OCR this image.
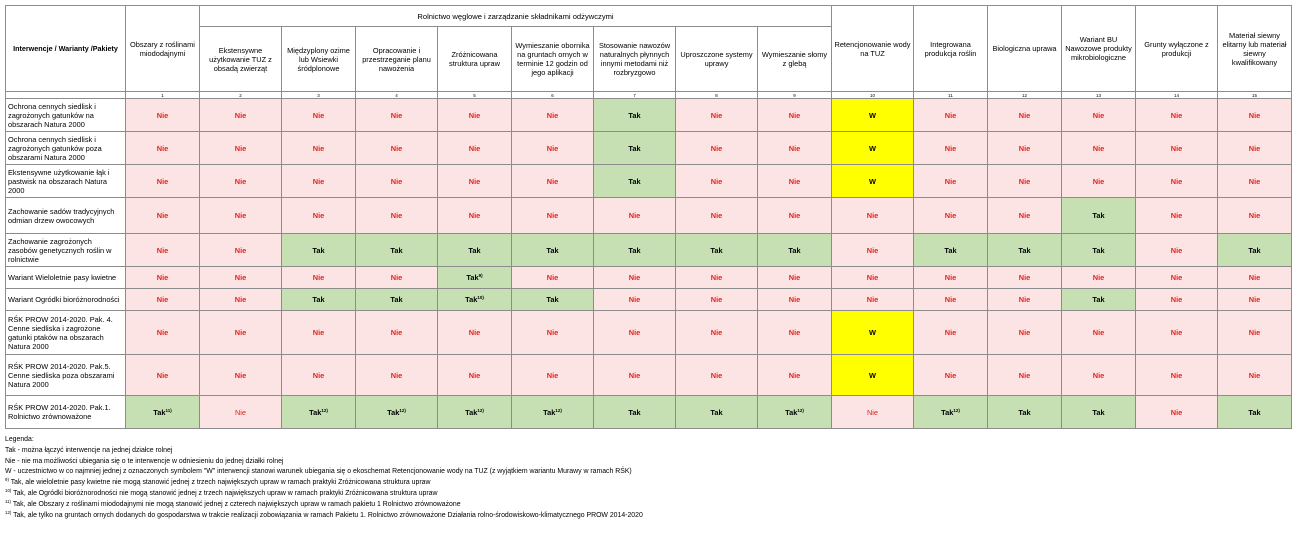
Interwencje / Warianty /Pakiety	Obszary z roślinami miododajnymi	Rolnictwo węglowe i zarządzanie składnikami odżywczymi								Retencjonowanie wody na TUZ	Integrowana produkcja roślin	Biologiczna uprawa	Wariant BU Nawozowe produkty mikrobiologiczne	Grunty wyłączone z produkcji	Materiał siewny elitarny lub materiał siewny kwalifikowany
		Ekstensywne użytkowanie TUZ z obsadą zwierząt	Międzyplony ozime lub Wsiewki śródplonowe	Opracowanie i przestrzeganie planu nawożenia	Zróżnicowana struktura upraw	Wymieszanie obornika na gruntach ornych w terminie 12 godzin od jego aplikacji	Stosowanie nawozów naturalnych płynnych innymi metodami niż rozbryzgowo	Uproszczone systemy uprawy	Wymieszanie słomy z glebą						
	1	2	3	4	5	6	7	8	9	10	11	12	13	14	15
Ochrona cennych siedlisk i zagrożonych gatunków na obszarach Natura 2000	Nie	Nie	Nie	Nie	Nie	Nie	Tak	Nie	Nie	W	Nie	Nie	Nie	Nie	Nie
Ochrona cennych siedlisk i zagrożonych gatunków poza obszarami Natura 2000	Nie	Nie	Nie	Nie	Nie	Nie	Tak	Nie	Nie	W	Nie	Nie	Nie	Nie	Nie
Ekstensywne użytkowanie łąk i pastwisk na obszarach Natura 2000	Nie	Nie	Nie	Nie	Nie	Nie	Tak	Nie	Nie	W	Nie	Nie	Nie	Nie	Nie
Zachowanie sadów tradycyjnych odmian drzew owocowych	Nie	Nie	Nie	Nie	Nie	Nie	Nie	Nie	Nie	Nie	Nie	Nie	Tak	Nie	Nie
Zachowanie zagrożonych zasobów genetycznych roślin w rolnictwie	Nie	Nie	Tak	Tak	Tak	Tak	Tak	Tak	Tak	Nie	Tak	Tak	Tak	Nie	Tak
Wariant Wieloletnie pasy kwietne	Nie	Nie	Nie	Nie	Tak$^{9)}$	Nie	Nie	Nie	Nie	Nie	Nie	Nie	Nie	Nie	Nie
Wariant Ogródki bioróżnorodności	Nie	Nie	Tak	Tak	Tak$^{10)}$	Tak	Nie	Nie	Nie	Nie	Nie	Nie	Tak	Nie	Nie
RŚK PROW 2014-2020. Pak. 4. Cenne siedliska i zagrożone gatunki ptaków na obszarach Natura 2000	Nie	Nie	Nie	Nie	Nie	Nie	Nie	Nie	Nie	W	Nie	Nie	Nie	Nie	Nie
RŚK PROW 2014-2020. Pak.5. Cenne siedliska poza obszarami Natura 2000	Nie	Nie	Nie	Nie	Nie	Nie	Nie	Nie	Nie	W	Nie	Nie	Nie	Nie	Nie
RŚK PROW 2014-2020. Pak.1. Rolnictwo zrównoważone	Tak$^{11)}$	Nie	Tak$^{12)}$	Tak$^{12)}$	Tak$^{12)}$	Tak$^{12)}$	Tak	Tak	Tak$^{12)}$	Nie	Tak$^{12)}$	Tak	Tak	Nie	Tak
Legenda:
Tak - można łączyć interwencje na jednej działce rolnej
Nie - nie ma możliwości ubiegania się o te interwencje w odniesieniu do jednej działki rolnej
W - uczestnictwo w co najmniej jednej z oznaczonych symbolem "W" interwencji stanowi warunek ubiegania się o ekoschemat Retencjonowanie wody na TUZ (z wyjątkiem wariantu Murawy w ramach RŚK)
$^{9)}$ Tak, ale wieloletnie pasy kwietne nie mogą stanowić jednej z trzech największych upraw w ramach praktyki Zróżnicowana struktura upraw
$^{10)}$ Tak, ale Ogródki bioróżnorodności nie mogą stanowić jednej z trzech największych upraw w ramach praktyki Zróżnicowana struktura upraw
$^{11)}$ Tak, ale Obszary z roślinami miododajnymi nie mogą stanowić jednej z czterech największych upraw w ramach pakietu 1 Rolnictwo zrównoważone
$^{12)}$ Tak, ale tylko na gruntach ornych dodanych do gospodarstwa w trakcie realizacji zobowiązania w ramach Pakietu 1. Rolnictwo zrównoważone Działania rolno-środowiskowo-klimatycznego PROW 2014-2020
